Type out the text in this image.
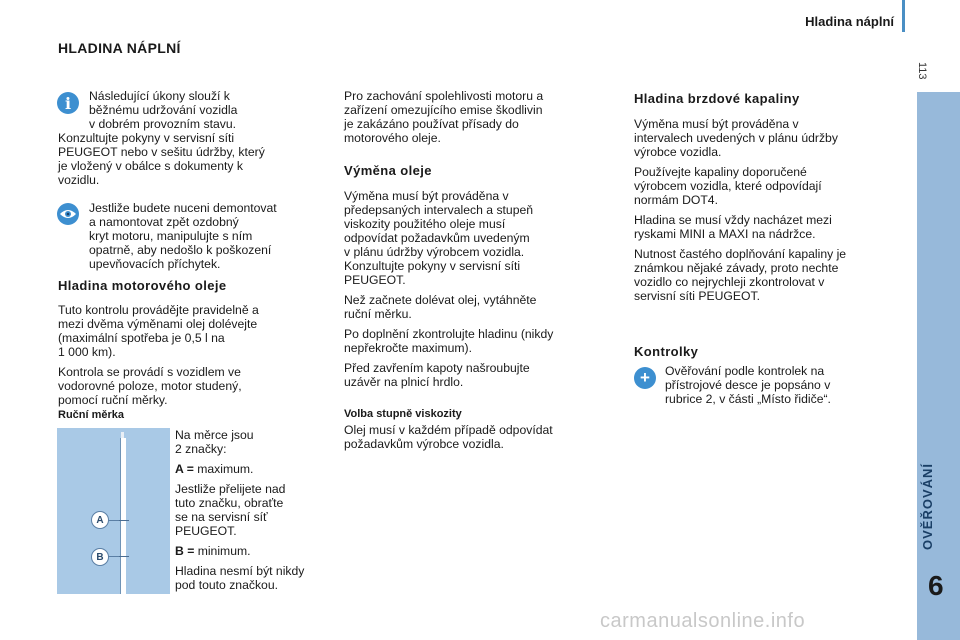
Hladina náplní
113
OVĚŘOVÁNÍ
6
HLADINA NÁPLNÍ
i	Následující úkony slouží k
běžnému udržování vozidla
v dobrém provozním stavu.
Konzultujte pokyny v servisní síti
PEUGEOT nebo v sešitu údržby, který
je vložený v obálce s dokumenty k
vozidlu.
Jestliže budete nuceni demontovat
a namontovat zpět ozdobný
kryt motoru, manipulujte s ním
opatrně, aby nedošlo k poškození
upevňovacích příchytek.
Hladina motorového oleje
Tuto kontrolu provádějte pravidelně a
mezi dvěma výměnami olej dolévejte
(maximální spotřeba je 0,5 l na
1 000 km).
Kontrola se provádí s vozidlem ve
vodorovné poloze, motor studený,
pomocí ruční měrky.
Ruční měrka
A
B
Na měrce jsou
2 značky:
A = maximum.
Jestliže přelijete nad
tuto značku, obraťte
se na servisní síť
PEUGEOT.
B = minimum.
Hladina nesmí být nikdy
pod touto značkou.
Pro zachování spolehlivosti motoru a
zařízení omezujícího emise škodlivin
je zakázáno používat přísady do
motorového oleje.
Výměna oleje
Výměna musí být prováděna v
předepsaných intervalech a stupeň
viskozity použitého oleje musí
odpovídat požadavkům uvedeným
v plánu údržby výrobcem vozidla.
Konzultujte pokyny v servisní síti
PEUGEOT.
Než začnete dolévat olej, vytáhněte
ruční měrku.
Po doplnění zkontrolujte hladinu (nikdy
nepřekročte maximum).
Před zavřením kapoty našroubujte
uzávěr na plnicí hrdlo.
Volba stupně viskozity
Olej musí v každém případě odpovídat
požadavkům výrobce vozidla.
Hladina brzdové kapaliny
Výměna musí být prováděna v
intervalech uvedených v plánu údržby
výrobce vozidla.
Používejte kapaliny doporučené
výrobcem vozidla, které odpovídají
normám DOT4.
Hladina se musí vždy nacházet mezi
ryskami MINI a MAXI na nádržce.
Nutnost častého doplňování kapaliny je
známkou nějaké závady, proto nechte
vozidlo co nejrychleji zkontrolovat v
servisní síti PEUGEOT.
Kontrolky
+	Ověřování podle kontrolek na
přístrojové desce je popsáno v
rubrice 2, v části „Místo řidiče“.
carmanualsonline.info
